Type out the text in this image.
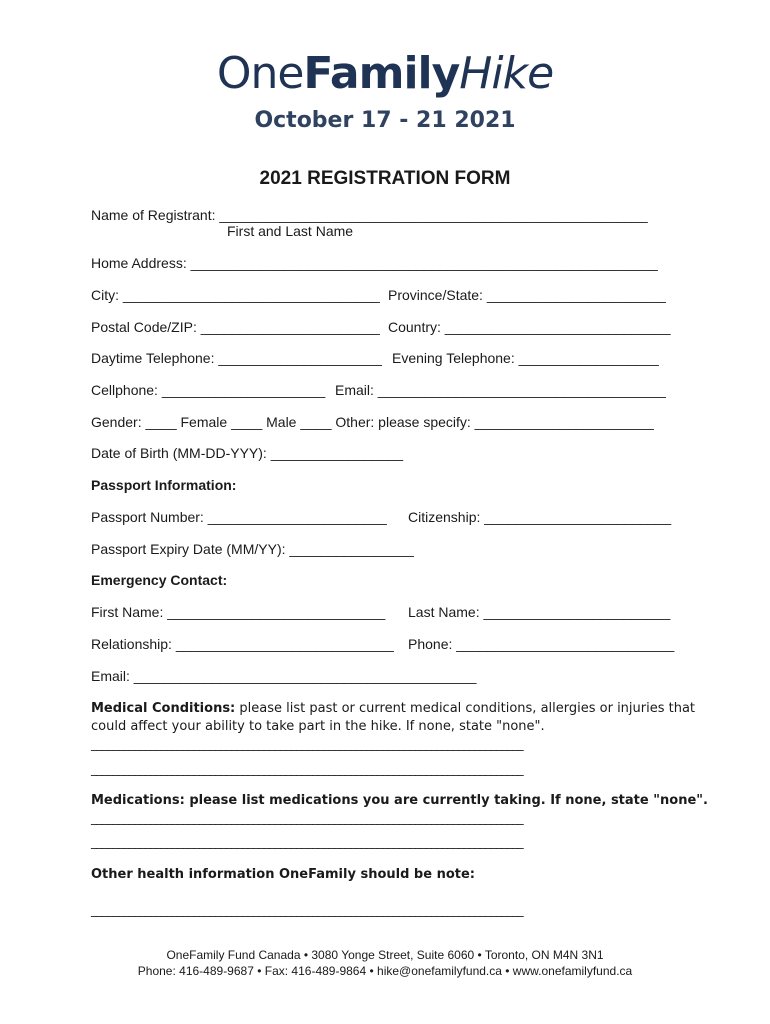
OneFamilyHike
October 17 - 21 2021
2021 REGISTRATION FORM
Name of Registrant: _______________________________________________________
First and Last Name
Home Address: ____________________________________________________________
City: _________________________________ Province/State: _______________________
Postal Code/ZIP: _______________________ Country: _____________________________
Daytime Telephone: _____________________ Evening Telephone: __________________
Cellphone: _____________________ Email: _____________________________________
Gender: ____ Female ____ Male ____ Other: please specify: _______________________
Date of Birth (MM-DD-YYY): _________________
Passport Information:
Passport Number: _______________________ Citizenship: ________________________
Passport Expiry Date (MM/YY): ________________
Emergency Contact:
First Name: ____________________________ Last Name: ________________________
Relationship: ____________________________ Phone: ____________________________
Email: ____________________________________________
Medical Conditions: please list past or current medical conditions, allergies or injuries that
could affect your ability to take part in the hike. If none, state "none".
________________________________________________________________________________
________________________________________________________________________________
Medications: please list medications you are currently taking. If none, state "none".
________________________________________________________________________________
________________________________________________________________________________
Other health information OneFamily should be note:
________________________________________________________________________________
OneFamily Fund Canada • 3080 Yonge Street, Suite 6060 • Toronto, ON M4N 3N1
Phone: 416-489-9687 • Fax: 416-489-9864 • hike@onefamilyfund.ca • www.onefamilyfund.ca
